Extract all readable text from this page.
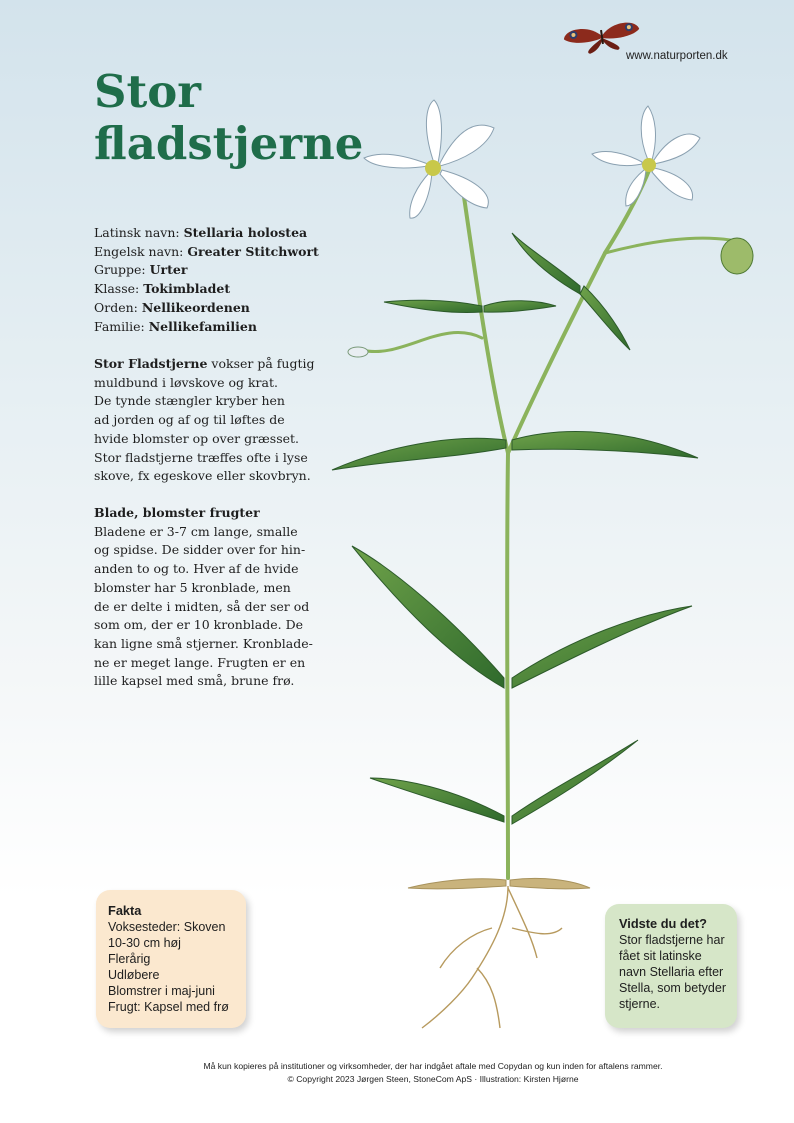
www.naturporten.dk
Stor
fladstjerne
Latinsk navn: Stellaria holostea
Engelsk navn: Greater Stitchwort
Gruppe: Urter
Klasse: Tokimbladet
Orden: Nellikeordenen
Familie: Nellikefamilien
Stor Fladstjerne vokser på fugtig
muldbund i løvskove og krat.
De tynde stængler kryber hen
ad jorden og af og til løftes de
hvide blomster op over græsset.
Stor fladstjerne træffes ofte i lyse
skove, fx egeskove eller skovbryn.
Blade, blomster frugter
Bladene er 3-7 cm lange, smalle
og spidse. De sidder over for hin-
anden to og to. Hver af de hvide
blomster har 5 kronblade, men
de er delte i midten, så der ser od
som om, der er 10 kronblade. De
kan ligne små stjerner. Kronblade-
ne er meget lange. Frugten er en
lille kapsel med små, brune frø.
Fakta
Voksesteder: Skoven
10-30 cm høj
Flerårig
Udløbere
Blomstrer i maj-juni
Frugt: Kapsel med frø
Vidste du det?
Stor fladstjerne har
fået sit latinske
navn Stellaria efter
Stella, som betyder
stjerne.
Må kun kopieres på institutioner og virksomheder, der har indgået aftale med Copydan og kun inden for aftalens rammer.
© Copyright 2023 Jørgen Steen, StoneCom ApS · Illustration: Kirsten Hjørne
